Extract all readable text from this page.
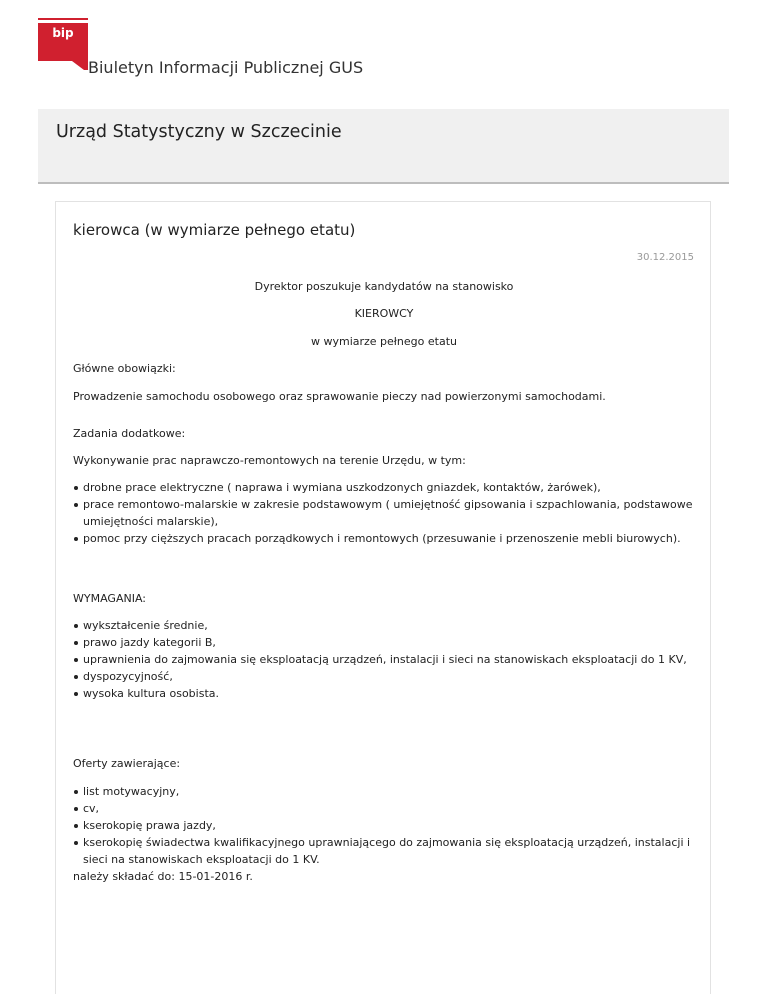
bip
Biuletyn Informacji Publicznej GUS
Urząd Statystyczny w Szczecinie
kierowca (w wymiarze pełnego etatu)
30.12.2015
Dyrektor poszukuje kandydatów na stanowisko
KIEROWCY
w wymiarze pełnego etatu
Główne obowiązki:
Prowadzenie samochodu osobowego oraz sprawowanie pieczy nad powierzonymi samochodami.
Zadania dodatkowe:
Wykonywanie prac naprawczo-remontowych na terenie Urzędu, w tym:
drobne prace elektryczne ( naprawa i wymiana uszkodzonych gniazdek, kontaktów, żarówek),
prace remontowo-malarskie w zakresie podstawowym ( umiejętność gipsowania i szpachlowania, podstawowe umiejętności malarskie),
pomoc przy cięższych pracach porządkowych i remontowych (przesuwanie i przenoszenie mebli biurowych).
WYMAGANIA:
wykształcenie średnie,
prawo jazdy kategorii B,
uprawnienia do zajmowania się eksploatacją urządzeń, instalacji i sieci na stanowiskach eksploatacji do 1 KV,
dyspozycyjność,
wysoka kultura osobista.
Oferty zawierające:
list motywacyjny,
cv,
kserokopię prawa jazdy,
kserokopię świadectwa kwalifikacyjnego uprawniającego do zajmowania się eksploatacją urządzeń, instalacji i sieci na stanowiskach eksploatacji do 1 KV.
należy składać do: 15-01-2016 r.
